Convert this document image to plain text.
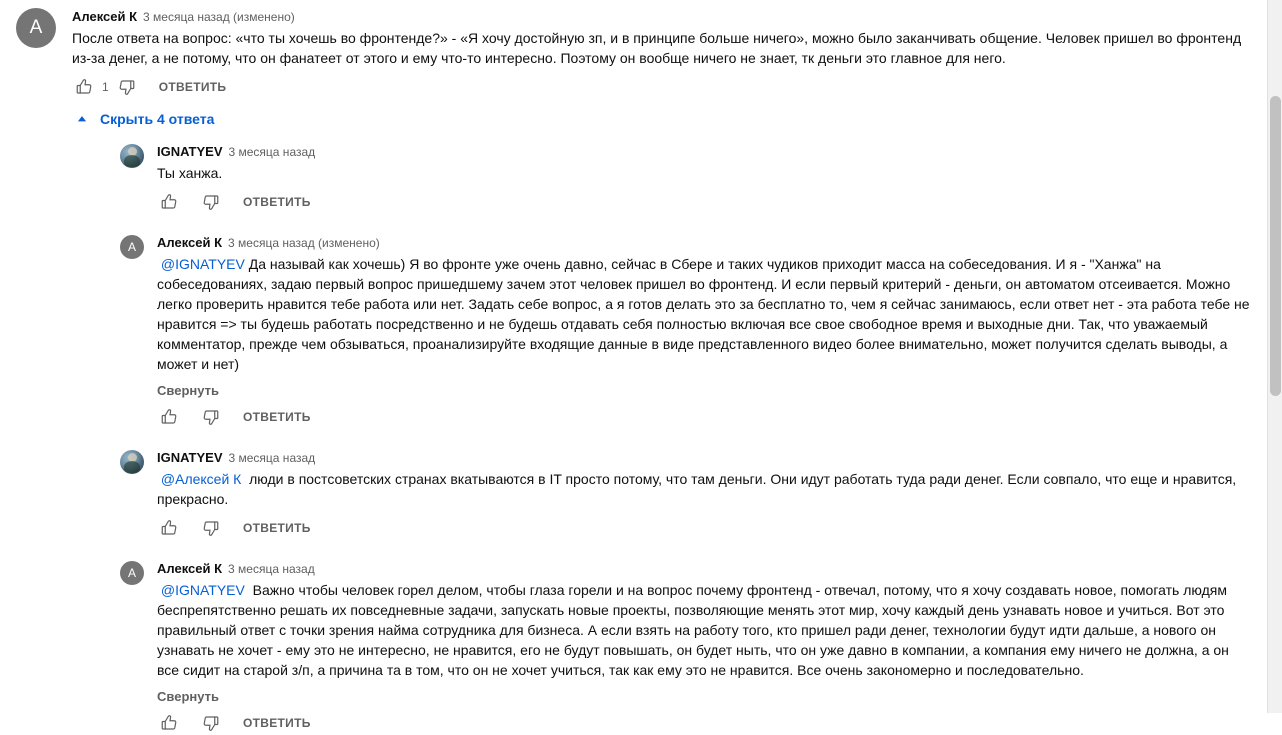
A
Алексей К 3 месяца назад (изменено)
После ответа на вопрос: «что ты хочешь во фронтенде?» - «Я хочу достойную зп, и в принципе больше ничего», можно было заканчивать общение. Человек пришел во фронтенд из-за денег, а не потому, что он фанатеет от этого и ему что-то интересно. Поэтому он вообще ничего не знает, тк деньги это главное для него.
1	ОТВЕТИТЬ
Скрыть 4 ответа
IGNATYEV 3 месяца назад
Ты ханжа.
ОТВЕТИТЬ
A	Алексей К 3 месяца назад (изменено)
@IGNATYEV Да называй как хочешь) Я во фронте уже очень давно, сейчас в Сбере и таких чудиков приходит масса на собеседования. И я - "Ханжа" на собеседованиях, задаю первый вопрос пришедшему зачем этот человек пришел во фронтенд. И если первый критерий - деньги, он автоматом отсеивается. Можно легко проверить нравится тебе работа или нет. Задать себе вопрос, а я готов делать это за бесплатно то, чем я сейчас занимаюсь, если ответ нет - эта работа тебе не нравится => ты будешь работать посредственно и не будешь отдавать себя полностью включая все свое свободное время и выходные дни. Так, что уважаемый комментатор, прежде чем обзываться, проанализируйте входящие данные в виде представленного видео более внимательно, может получится сделать выводы, а может и нет)
Свернуть
ОТВЕТИТЬ
IGNATYEV 3 месяца назад
@Алексей К  люди в постсоветских странах вкатываются в IT просто потому, что там деньги. Они идут работать туда ради денег. Если совпало, что еще и нравится, прекрасно.
ОТВЕТИТЬ
A	Алексей К 3 месяца назад
@IGNATYEV  Важно чтобы человек горел делом, чтобы глаза горели и на вопрос почему фронтенд - отвечал, потому, что я хочу создавать новое, помогать людям беспрепятственно решать их повседневные задачи, запускать новые проекты, позволяющие менять этот мир, хочу каждый день узнавать новое и учиться. Вот это правильный ответ с точки зрения найма сотрудника для бизнеса. А если взять на работу того, кто пришел ради денег, технологии будут идти дальше, а нового он узнавать не хочет - ему это не интересно, не нравится, его не будут повышать, он будет ныть, что он уже давно в компании, а компания ему ничего не должна, а он все сидит на старой з/п, а причина та в том, что он не хочет учиться, так как ему это не нравится. Все очень закономерно и последовательно.
Свернуть
ОТВЕТИТЬ
